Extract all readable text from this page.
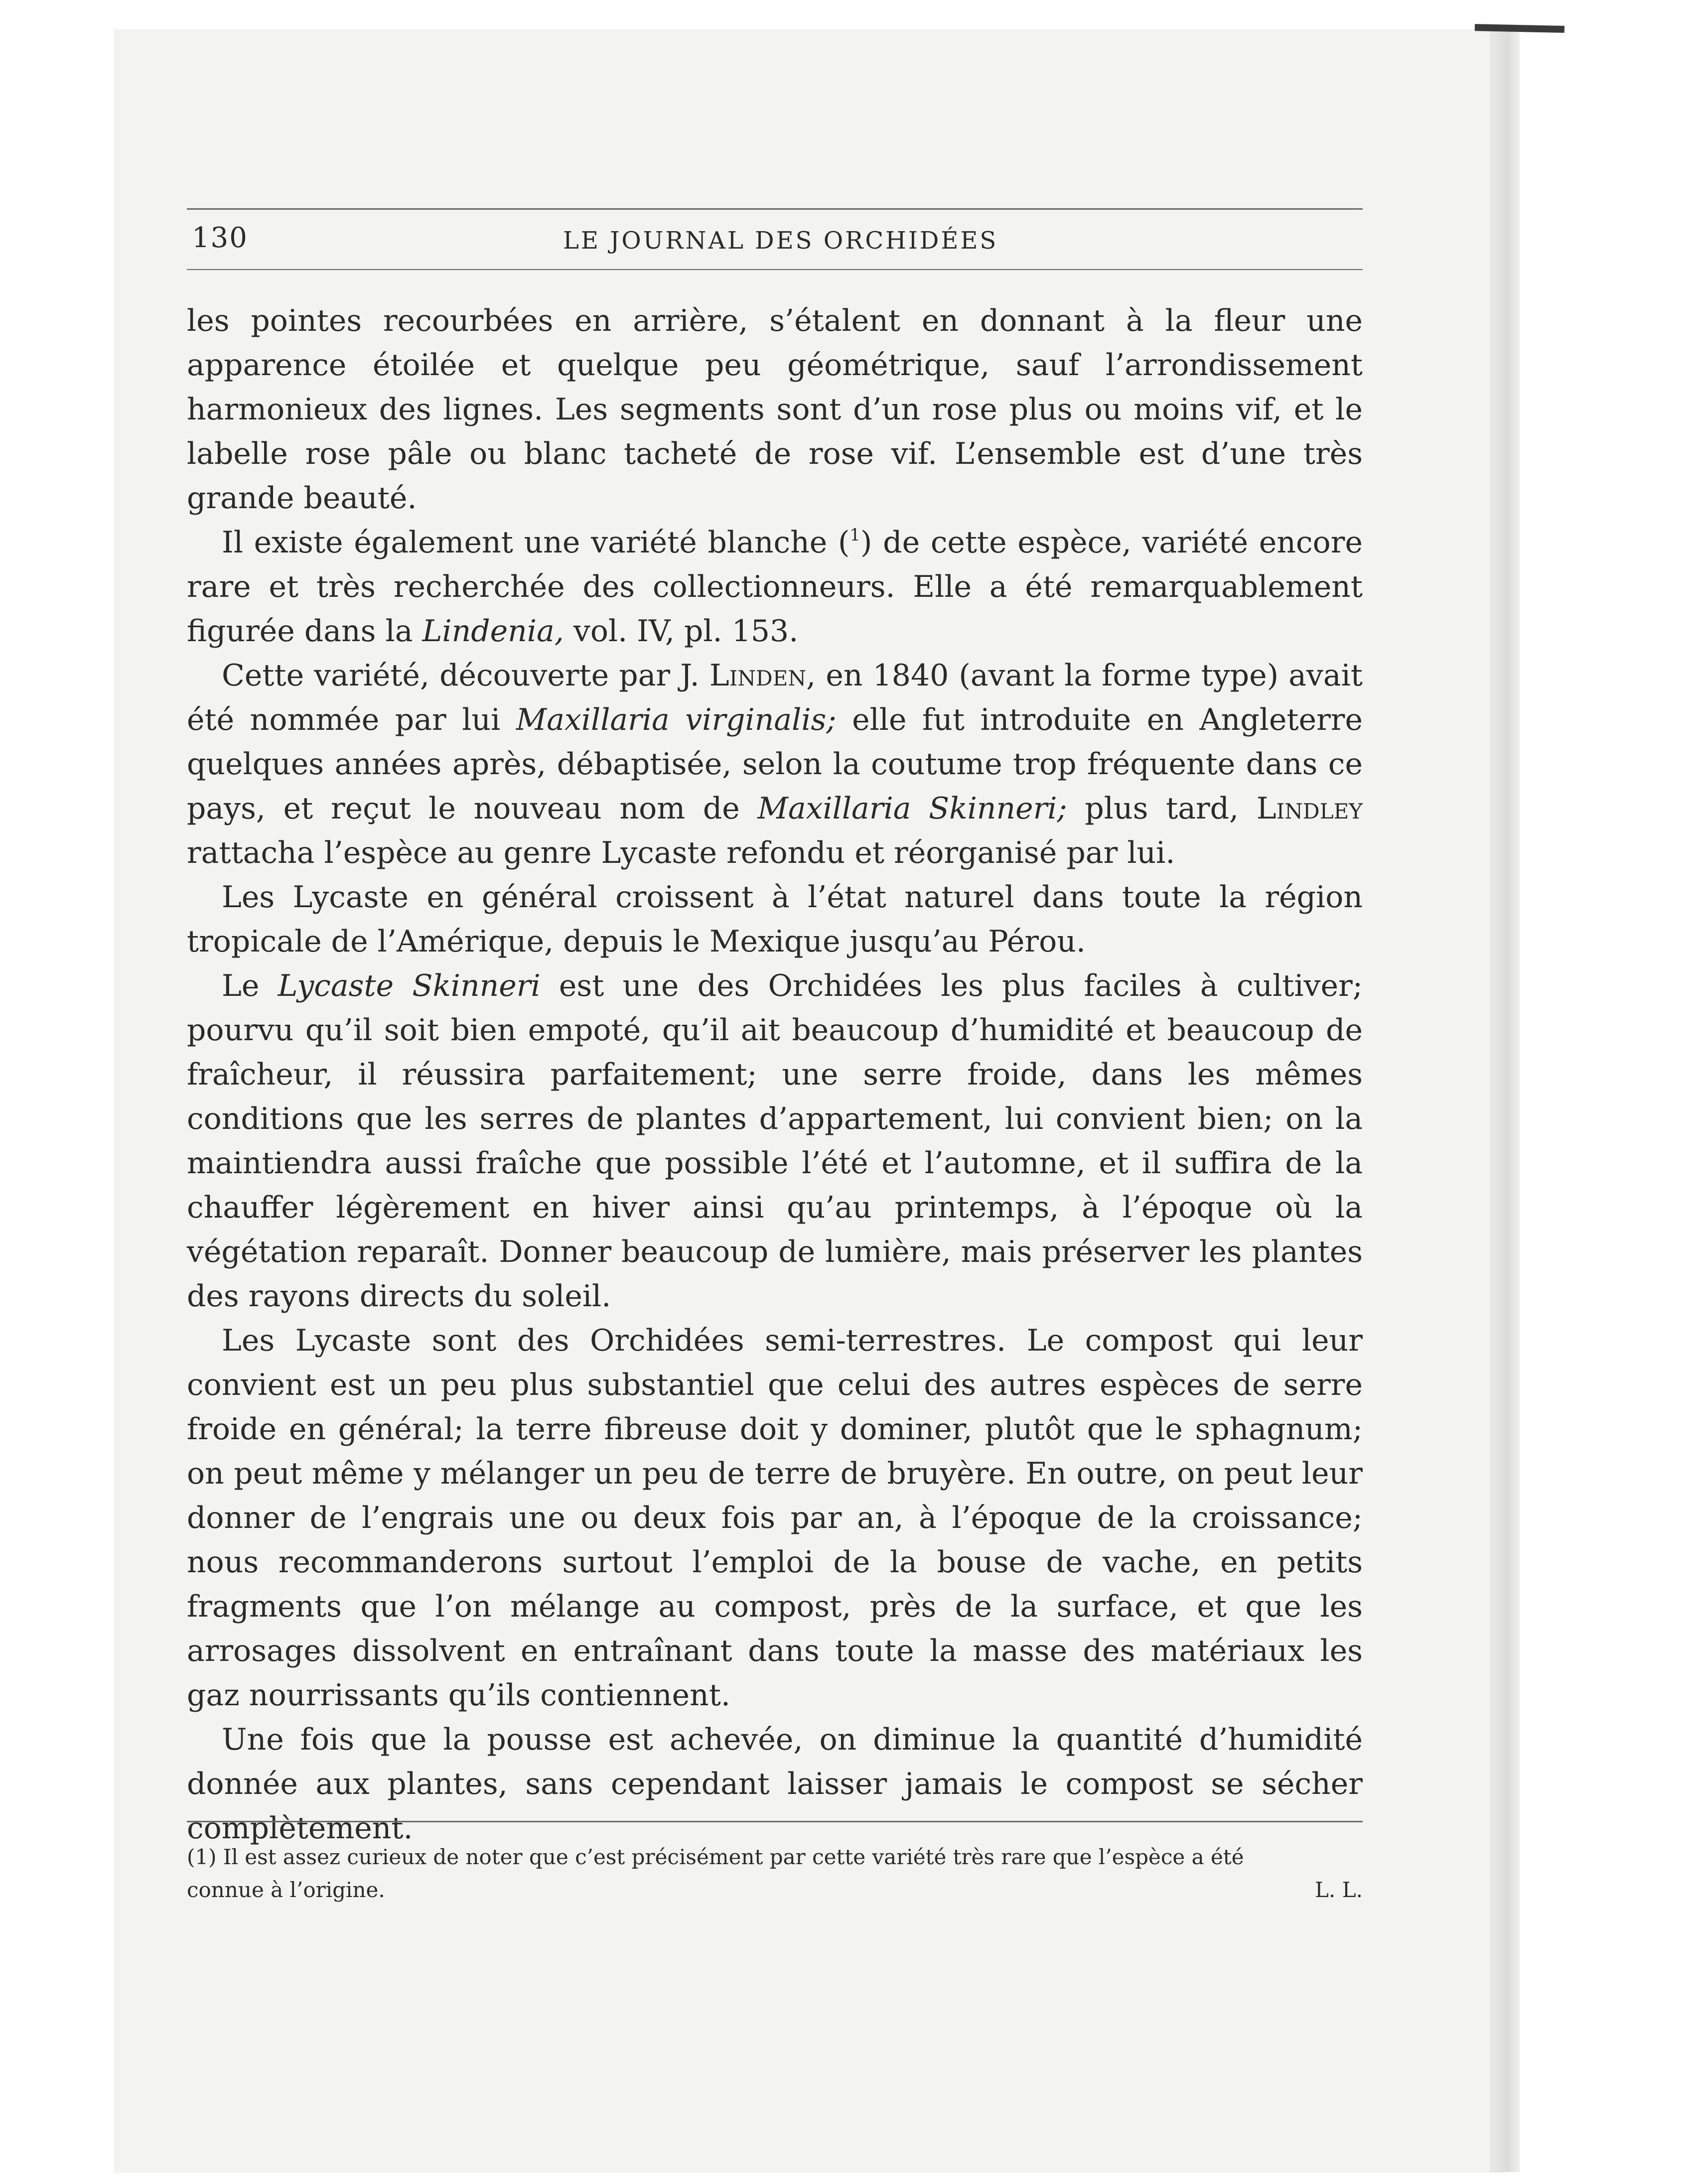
130	LE JOURNAL DES ORCHIDÉES

les pointes recourbées en arrière, s’étalent en donnant à la fleur une apparence étoilée et quelque peu géométrique, sauf l’arrondissement harmonieux des lignes. Les segments sont d’un rose plus ou moins vif, et le labelle rose pâle ou blanc tacheté de rose vif. L’ensemble est d’une très grande beauté.

Il existe également une variété blanche ($^1$) de cette espèce, variété encore rare et très recherchée des collectionneurs. Elle a été remarquablement figurée dans la Lindenia, vol. IV, pl. 153.

Cette variété, découverte par J. Linden, en 1840 (avant la forme type) avait été nommée par lui Maxillaria virginalis; elle fut introduite en Angleterre quelques années après, débaptisée, selon la coutume trop fréquente dans ce pays, et reçut le nouveau nom de Maxillaria Skinneri; plus tard, Lindley rattacha l’espèce au genre Lycaste refondu et réorganisé par lui.

Les Lycaste en général croissent à l’état naturel dans toute la région tropicale de l’Amérique, depuis le Mexique jusqu’au Pérou.

Le Lycaste Skinneri est une des Orchidées les plus faciles à cultiver; pourvu qu’il soit bien empoté, qu’il ait beaucoup d’humidité et beaucoup de fraîcheur, il réussira parfaitement; une serre froide, dans les mêmes conditions que les serres de plantes d’appartement, lui convient bien; on la maintiendra aussi fraîche que possible l’été et l’automne, et il suffira de la chauffer légèrement en hiver ainsi qu’au printemps, à l’époque où la végétation reparaît. Donner beaucoup de lumière, mais préserver les plantes des rayons directs du soleil.

Les Lycaste sont des Orchidées semi-terrestres. Le compost qui leur convient est un peu plus substantiel que celui des autres espèces de serre froide en général; la terre fibreuse doit y dominer, plutôt que le sphagnum; on peut même y mélanger un peu de terre de bruyère. En outre, on peut leur donner de l’engrais une ou deux fois par an, à l’époque de la croissance; nous recommanderons surtout l’emploi de la bouse de vache, en petits fragments que l’on mélange au compost, près de la surface, et que les arrosages dissolvent en entraînant dans toute la masse des matériaux les gaz nourrissants qu’ils contiennent.

Une fois que la pousse est achevée, on diminue la quantité d’humidité donnée aux plantes, sans cependant laisser jamais le compost se sécher complètement.

(1) Il est assez curieux de noter que c’est précisément par cette variété très rare que l’espèce a été
connue à l’origine.	L. L.
